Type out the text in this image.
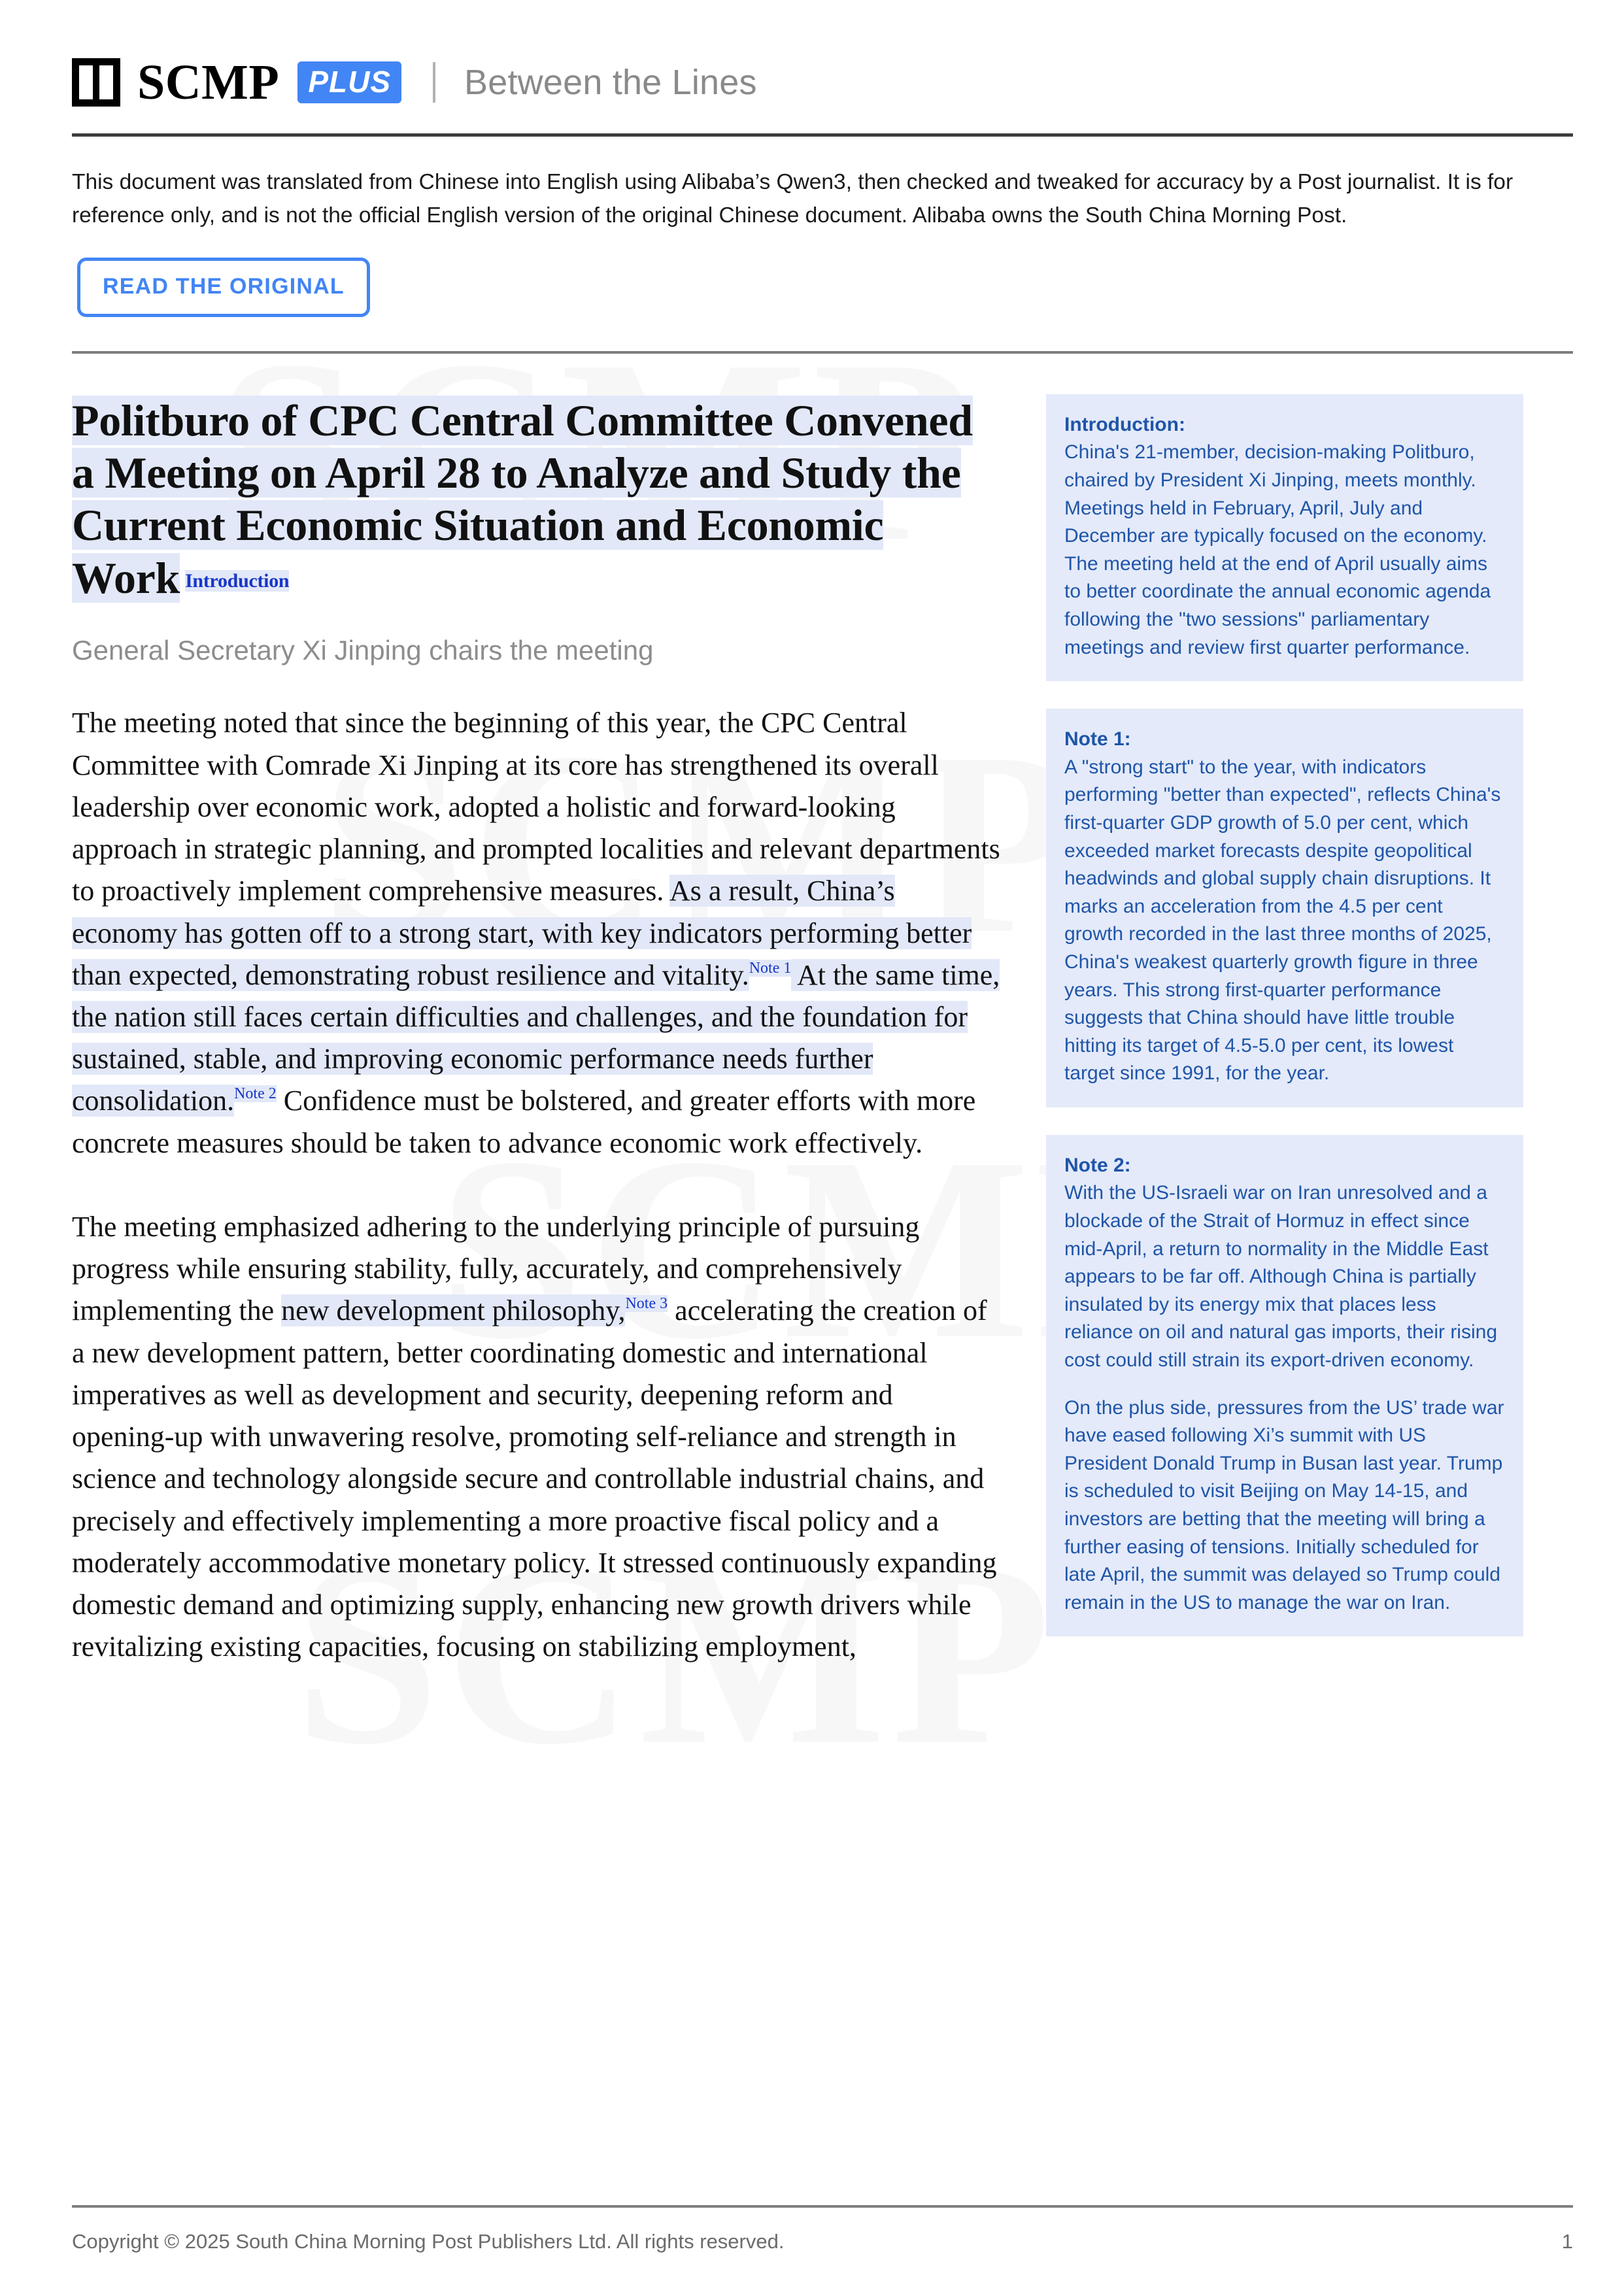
SCMP PLUS Between the Lines
This document was translated from Chinese into English using Alibaba’s Qwen3, then checked and tweaked for accuracy by a Post journalist. It is for reference only, and is not the official English version of the original Chinese document. Alibaba owns the South China Morning Post.
READ THE ORIGINAL
Politburo of CPC Central Committee Convened a Meeting on April 28 to Analyze and Study the Current Economic Situation and Economic Work Introduction
General Secretary Xi Jinping chairs the meeting

The meeting noted that since the beginning of this year, the CPC Central Committee with Comrade Xi Jinping at its core has strengthened its overall leadership over economic work, adopted a holistic and forward-looking approach in strategic planning, and prompted localities and relevant departments to proactively implement comprehensive measures. As a result, China’s economy has gotten off to a strong start, with key indicators performing better than expected, demonstrating robust resilience and vitality.$^{Note 1}$ At the same time, the nation still faces certain difficulties and challenges, and the foundation for sustained, stable, and improving economic performance needs further consolidation.$^{Note 2}$ Confidence must be bolstered, and greater efforts with more concrete measures should be taken to advance economic work effectively.

The meeting emphasized adhering to the underlying principle of pursuing progress while ensuring stability, fully, accurately, and comprehensively implementing the new development philosophy,$^{Note 3}$ accelerating the creation of a new development pattern, better coordinating domestic and international imperatives as well as development and security, deepening reform and opening-up with unwavering resolve, promoting self-reliance and strength in science and technology alongside secure and controllable industrial chains, and precisely and effectively implementing a more proactive fiscal policy and a moderately accommodative monetary policy. It stressed continuously expanding domestic demand and optimizing supply, enhancing new growth drivers while revitalizing existing capacities, focusing on stabilizing employment,

Introduction:
China's 21-member, decision-making Politburo, chaired by President Xi Jinping, meets monthly. Meetings held in February, April, July and December are typically focused on the economy. The meeting held at the end of April usually aims to better coordinate the annual economic agenda following the "two sessions" parliamentary meetings and review first quarter performance.
Note 1:
A "strong start" to the year, with indicators performing "better than expected", reflects China's first-quarter GDP growth of 5.0 per cent, which exceeded market forecasts despite geopolitical headwinds and global supply chain disruptions. It marks an acceleration from the 4.5 per cent growth recorded in the last three months of 2025, China's weakest quarterly growth figure in three years. This strong first-quarter performance suggests that China should have little trouble hitting its target of 4.5-5.0 per cent, its lowest target since 1991, for the year.
Note 2:
With the US-Israeli war on Iran unresolved and a blockade of the Strait of Hormuz in effect since mid-April, a return to normality in the Middle East appears to be far off. Although China is partially insulated by its energy mix that places less reliance on oil and natural gas imports, their rising cost could still strain its export-driven economy.
On the plus side, pressures from the US’ trade war have eased following Xi’s summit with US President Donald Trump in Busan last year. Trump is scheduled to visit Beijing on May 14-15, and investors are betting that the meeting will bring a further easing of tensions. Initially scheduled for late April, the summit was delayed so Trump could remain in the US to manage the war on Iran.
Copyright © 2025 South China Morning Post Publishers Ltd. All rights reserved.	1
